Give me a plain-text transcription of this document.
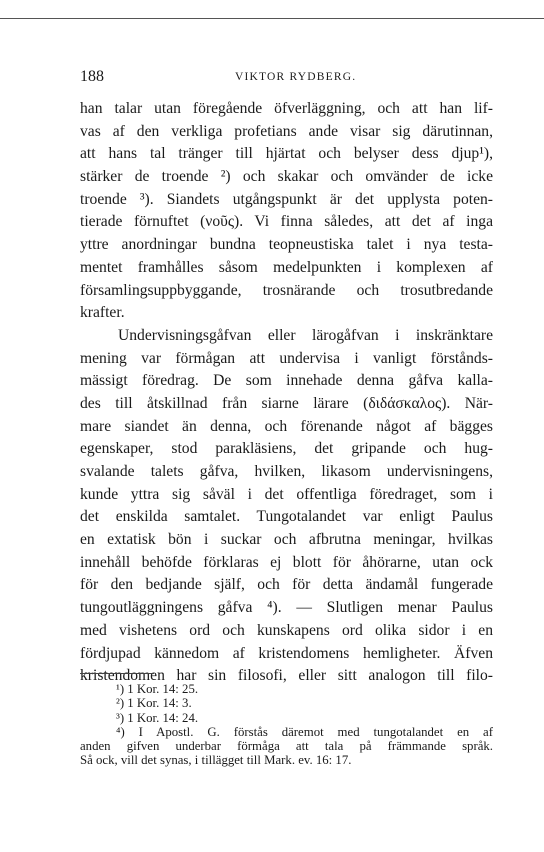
188	VIKTOR RYDBERG.
han talar utan föregående öfverläggning, och att han lif-
vas af den verkliga profetians ande visar sig därutinnan,
att hans tal tränger till hjärtat och belyser dess djup¹),
stärker de troende ²) och skakar och omvänder de icke
troende ³). Siandets utgångspunkt är det upplysta poten-
tierade förnuftet (νοῦς). Vi finna således, att det af inga
yttre anordningar bundna teopneustiska talet i nya testa-
mentet framhålles såsom medelpunkten i komplexen af
församlingsuppbyggande, trosnärande och trosutbredande
krafter.
Undervisningsgåfvan eller lärogåfvan i inskränktare
mening var förmågan att undervisa i vanligt förstånds-
mässigt föredrag. De som innehade denna gåfva kalla-
des till åtskillnad från siarne lärare (διδάσκαλος). När-
mare siandet än denna, och förenande något af bägges
egenskaper, stod parakläsiens, det gripande och hug-
svalande talets gåfva, hvilken, likasom undervisningens,
kunde yttra sig såväl i det offentliga föredraget, som i
det enskilda samtalet. Tungotalandet var enligt Paulus
en extatisk bön i suckar och afbrutna meningar, hvilkas
innehåll behöfde förklaras ej blott för åhörarne, utan ock
för den bedjande själf, och för detta ändamål fungerade
tungoutläggningens gåfva ⁴). — Slutligen menar Paulus
med vishetens ord och kunskapens ord olika sidor i en
fördjupad kännedom af kristendomens hemligheter. Äfven
kristendomen har sin filosofi, eller sitt analogon till filo-
¹) 1 Kor. 14: 25.
²) 1 Kor. 14: 3.
³) 1 Kor. 14: 24.
⁴) I Apostl. G. förstås däremot med tungotalandet en af
anden gifven underbar förmåga att tala på främmande språk.
Så ock, vill det synas, i tillägget till Mark. ev. 16: 17.
